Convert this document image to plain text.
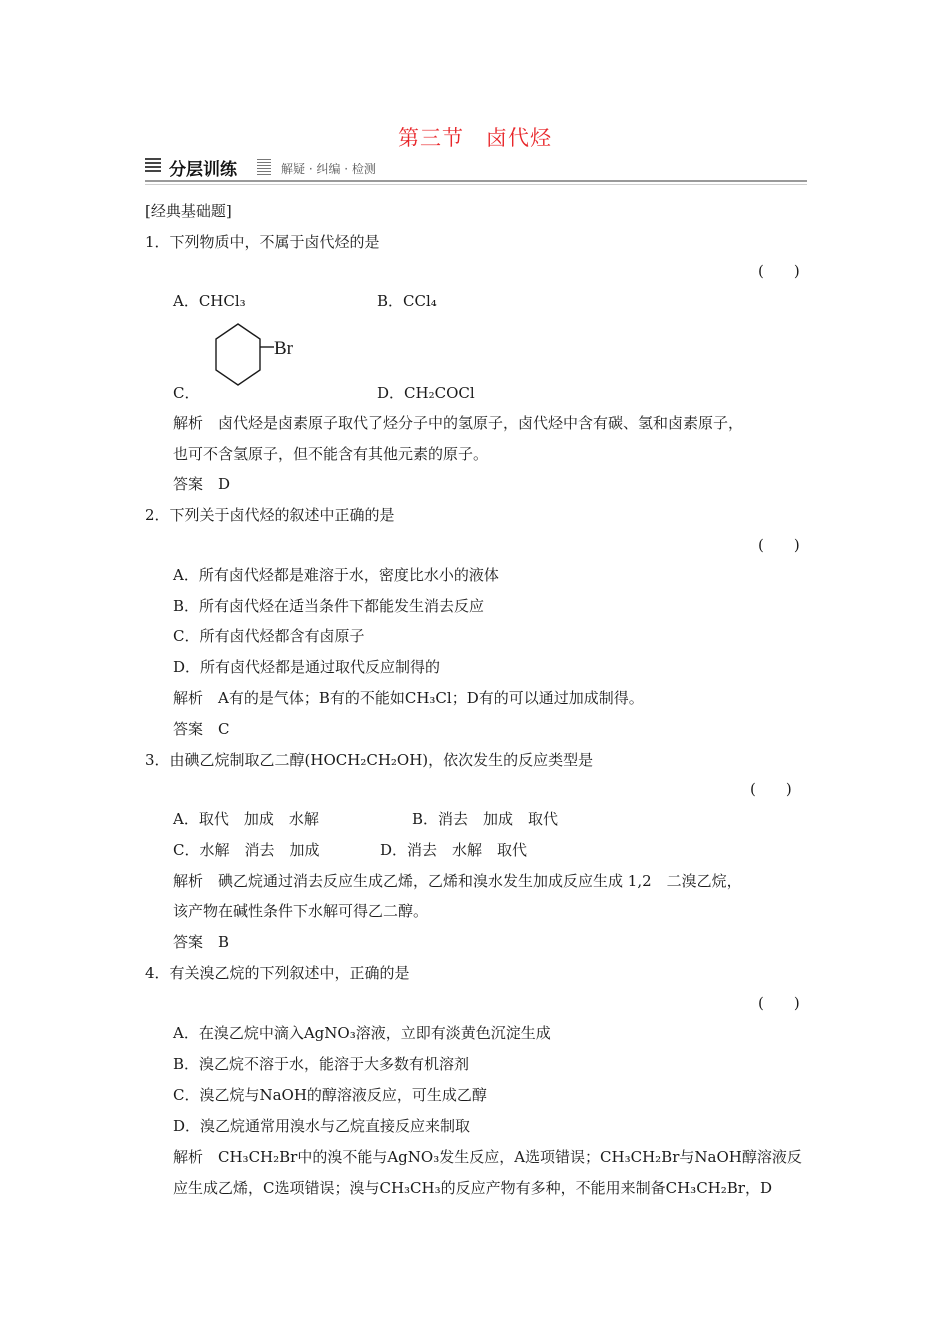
第三节　卤代烃
分层训练	解疑 · 纠编 · 检测
[经典基础题]
1．下列物质中，不属于卤代烃的是
(　　)
A．CHCl₃	B．CCl₄
Br
C．	D．CH₂COCl
解析　卤代烃是卤素原子取代了烃分子中的氢原子，卤代烃中含有碳、氢和卤素原子，
也可不含氢原子，但不能含有其他元素的原子。
答案　D
2．下列关于卤代烃的叙述中正确的是
(　　)
A．所有卤代烃都是难溶于水，密度比水小的液体
B．所有卤代烃在适当条件下都能发生消去反应
C．所有卤代烃都含有卤原子
D．所有卤代烃都是通过取代反应制得的
解析　A有的是气体；B有的不能如CH₃Cl；D有的可以通过加成制得。
答案　C
3．由碘乙烷制取乙二醇(HOCH₂CH₂OH)，依次发生的反应类型是
(　　)
A．取代　加成　水解	B．消去　加成　取代
C．水解　消去　加成	D．消去　水解　取代
解析　碘乙烷通过消去反应生成乙烯，乙烯和溴水发生加成反应生成 1,2　二溴乙烷，
该产物在碱性条件下水解可得乙二醇。
答案　B
4．有关溴乙烷的下列叙述中，正确的是
(　　)
A．在溴乙烷中滴入AgNO₃溶液，立即有淡黄色沉淀生成
B．溴乙烷不溶于水，能溶于大多数有机溶剂
C．溴乙烷与NaOH的醇溶液反应，可生成乙醇
D．溴乙烷通常用溴水与乙烷直接反应来制取
解析　CH₃CH₂Br中的溴不能与AgNO₃发生反应，A选项错误；CH₃CH₂Br与NaOH醇溶液反
应生成乙烯，C选项错误；溴与CH₃CH₃的反应产物有多种，不能用来制备CH₃CH₂Br，D
